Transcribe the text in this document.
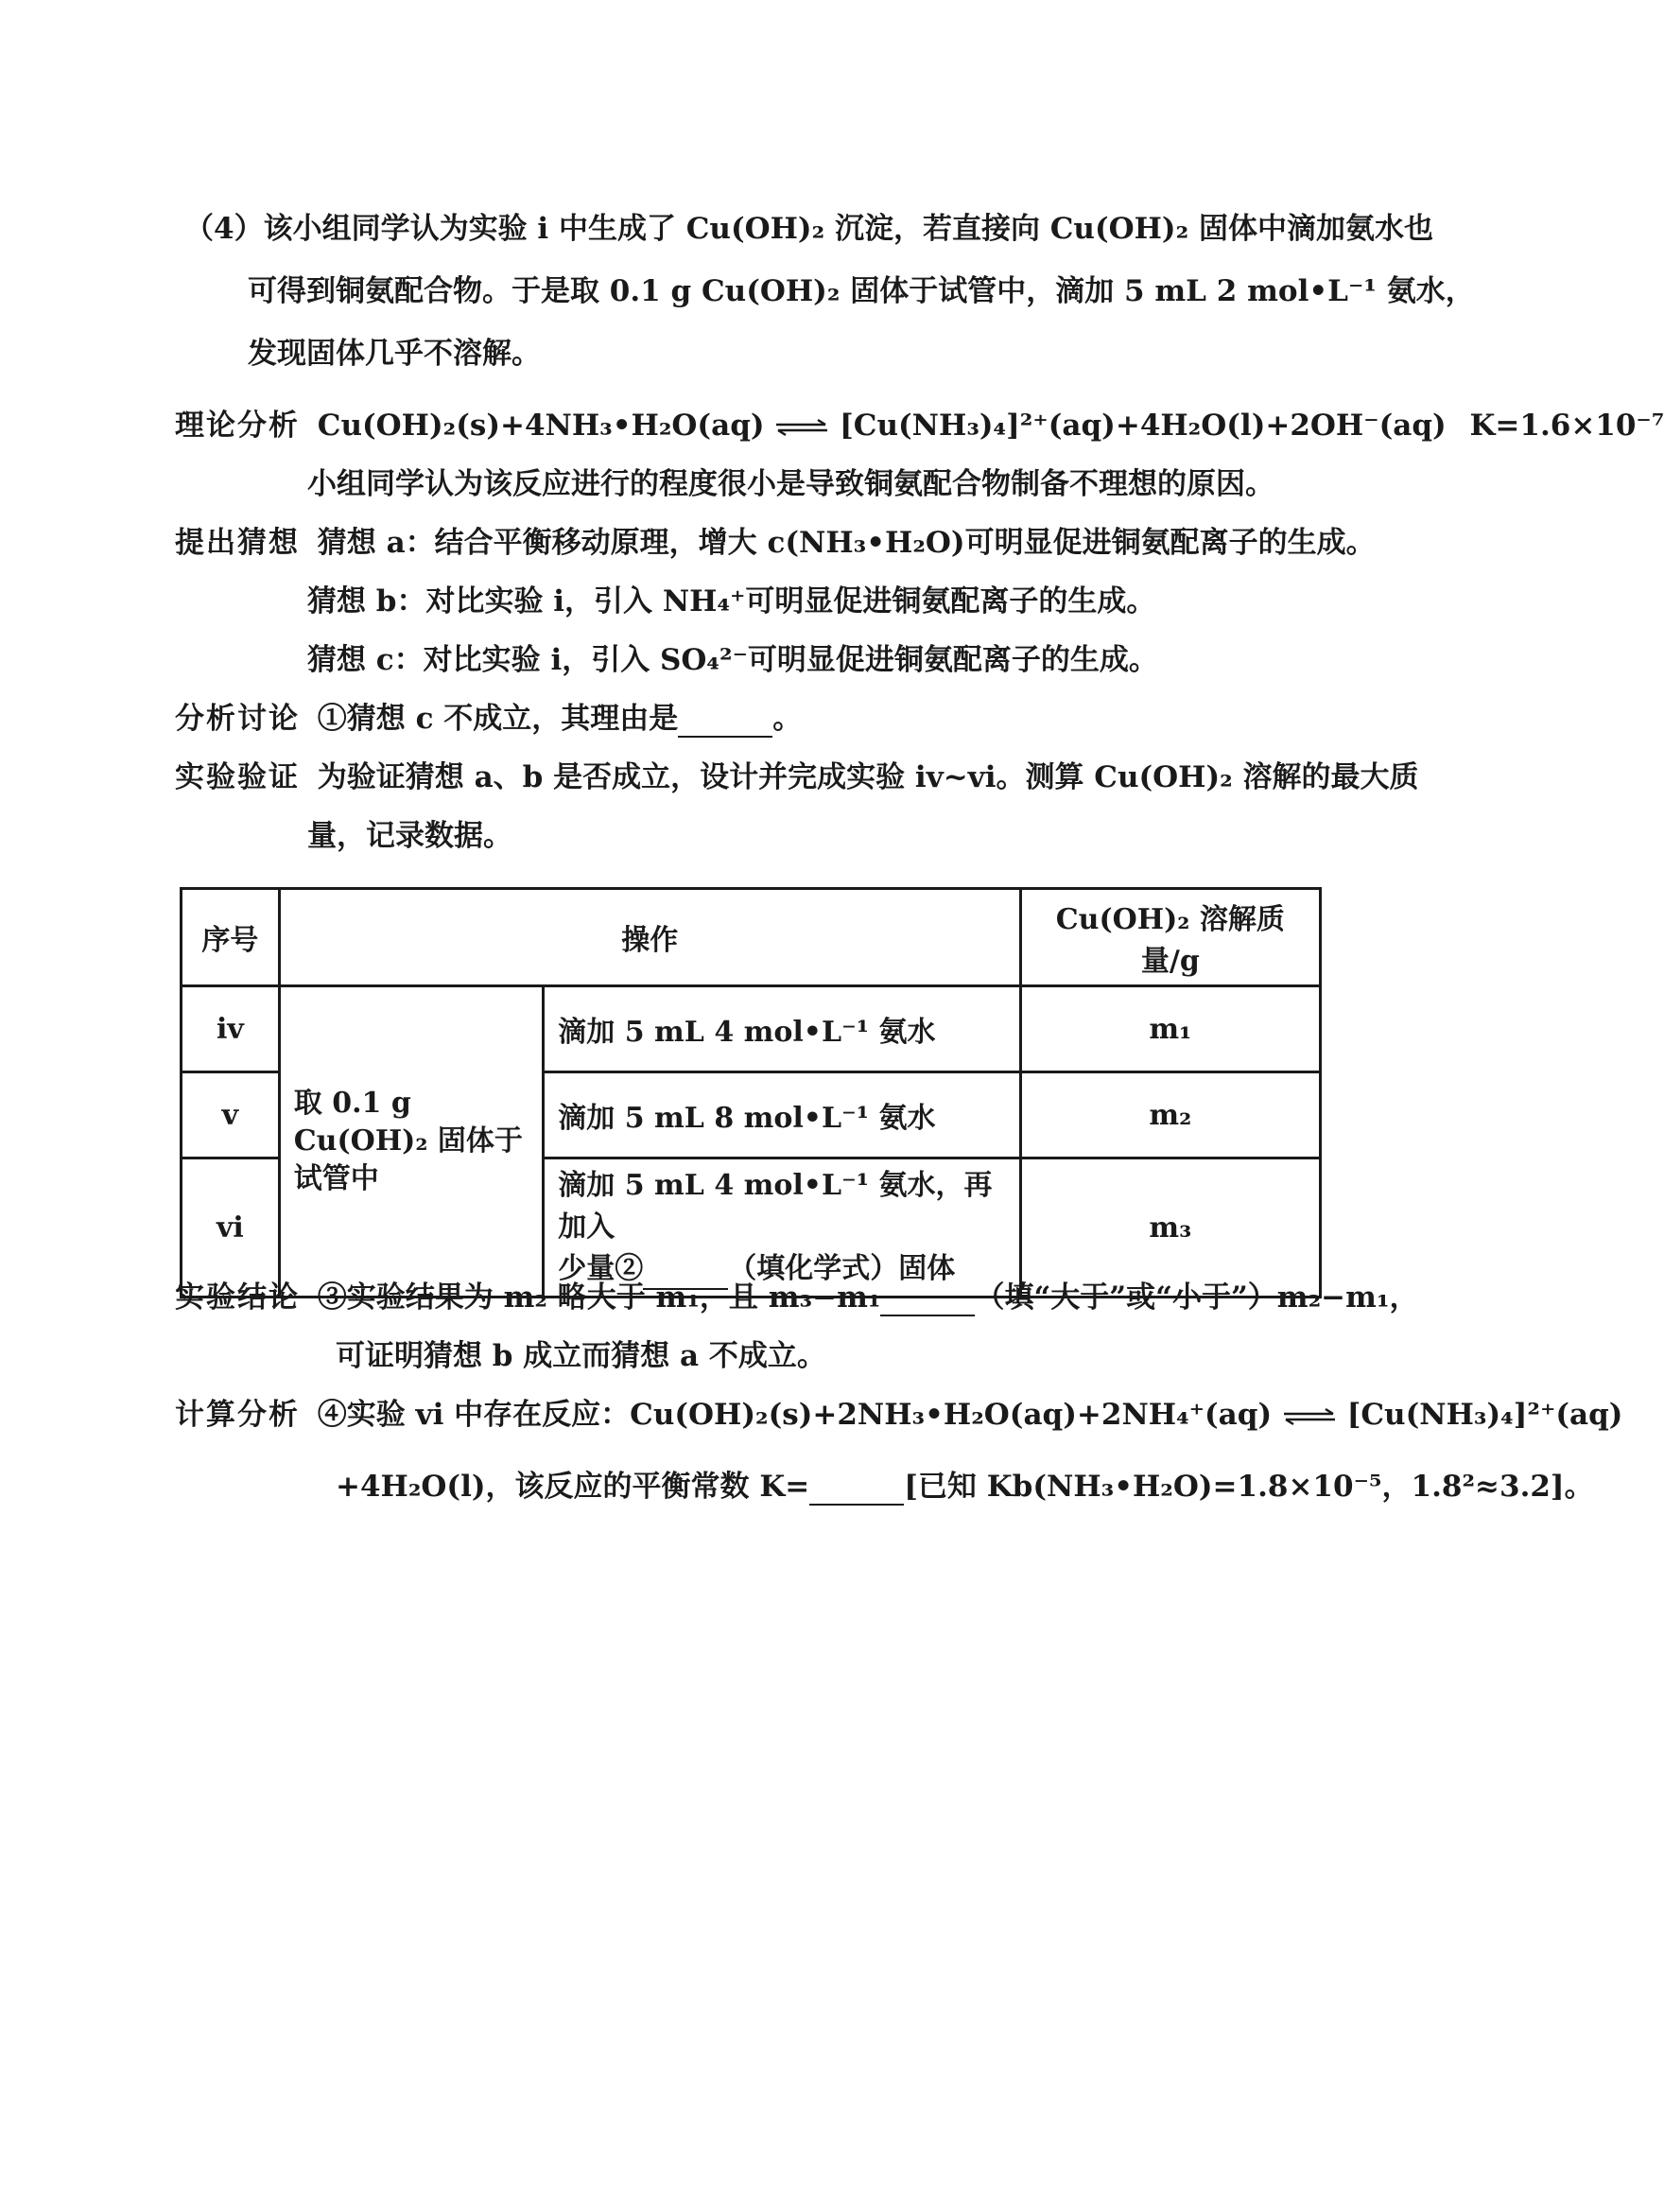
（4）该小组同学认为实验 i 中生成了 Cu(OH)₂ 沉淀，若直接向 Cu(OH)₂ 固体中滴加氨水也
可得到铜氨配合物。于是取 0.1 g Cu(OH)₂ 固体于试管中，滴加 5 mL 2 mol•L⁻¹ 氨水，
发现固体几乎不溶解。
理论分析 Cu(OH)₂(s)+4NH₃•H₂O(aq) ⇌ [Cu(NH₃)₄]²⁺(aq)+4H₂O(l)+2OH⁻(aq) K=1.6×10⁻⁷
小组同学认为该反应进行的程度很小是导致铜氨配合物制备不理想的原因。
提出猜想 猜想 a：结合平衡移动原理，增大 c(NH₃•H₂O)可明显促进铜氨配离子的生成。
猜想 b：对比实验 i，引入 NH₄⁺可明显促进铜氨配离子的生成。
猜想 c：对比实验 i，引入 SO₄²⁻可明显促进铜氨配离子的生成。
分析讨论 ①猜想 c 不成立，其理由是	。
实验验证 为验证猜想 a、b 是否成立，设计并完成实验 iv~vi。测算 Cu(OH)₂ 溶解的最大质
量，记录数据。
序号	操作		Cu(OH)₂ 溶解质量/g
iv	取 0.1 g Cu(OH)₂ 固体于试管中	滴加 5 mL 4 mol•L⁻¹ 氨水	m₁
v		滴加 5 mL 8 mol•L⁻¹ 氨水	m₂
vi		滴加 5 mL 4 mol•L⁻¹ 氨水，再加入
少量② （填化学式）固体	m₃
实验结论 ③实验结果为 m₂ 略大于 m₁，且 m₃−m₁	（填“大于”或“小于”）m₂−m₁，
可证明猜想 b 成立而猜想 a 不成立。
计算分析 ④实验 vi 中存在反应：Cu(OH)₂(s)+2NH₃•H₂O(aq)+2NH₄⁺(aq) ⇌ [Cu(NH₃)₄]²⁺(aq)
+4H₂O(l)，该反应的平衡常数 K=	[已知 Kb(NH₃•H₂O)=1.8×10⁻⁵，1.8²≈3.2]。
